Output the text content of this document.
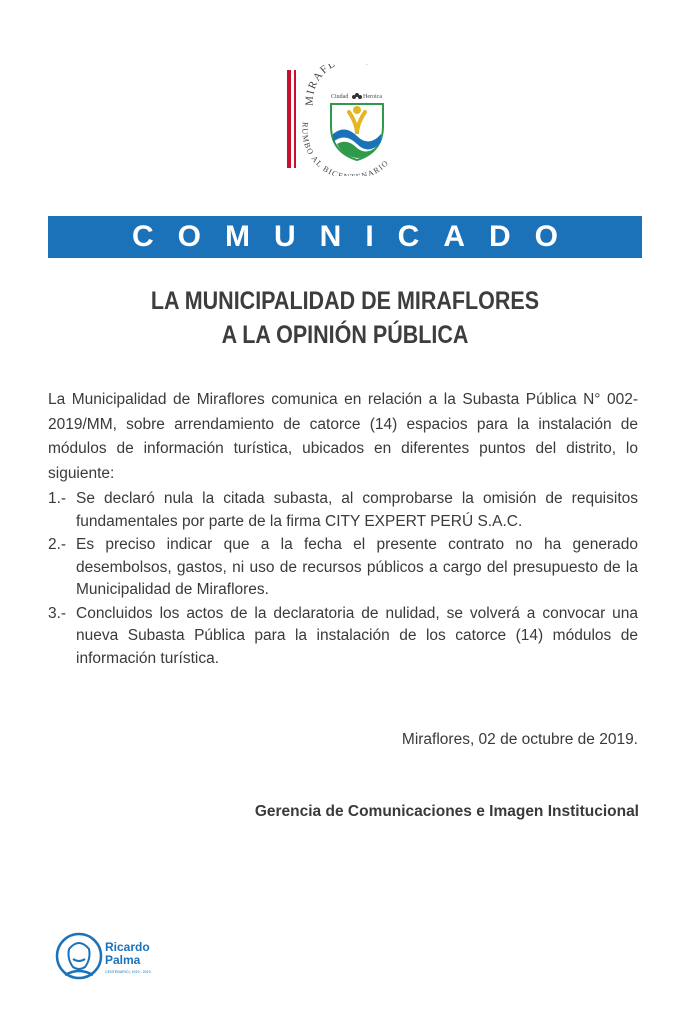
MIRAFL
Ciudad Heroica
RUMBO AL BICE NARIO
COMUNICADO
LA MUNICIPALIDAD DE MIRAFLORES
A LA OPINIÓN PÚBLICA
La Municipalidad de Miraflores comunica en relación a la Subasta Pública N° 002-2019/MM, sobre arrendamiento de catorce (14) espacios para la instalación de módulos de información turística, ubicados en diferentes puntos del distrito, lo siguiente:
1.- Se declaró nula la citada subasta, al comprobarse la omisión de requisitos fundamentales por parte de la firma CITY EXPERT PERÚ S.A.C.
2.- Es preciso indicar que a la fecha el presente contrato no ha generado desembolsos, gastos, ni uso de recursos públicos a cargo del presupuesto de la Municipalidad de Miraflores.
3.- Concluidos los actos de la declaratoria de nulidad, se volverá a convocar una nueva Subasta Pública para la instalación de los catorce (14) módulos de información turística.
Miraflores, 02 de octubre de 2019.
Gerencia de Comunicaciones e Imagen Institucional
Ricardo
Palma
CENTENARIO | 1919 - 2019
